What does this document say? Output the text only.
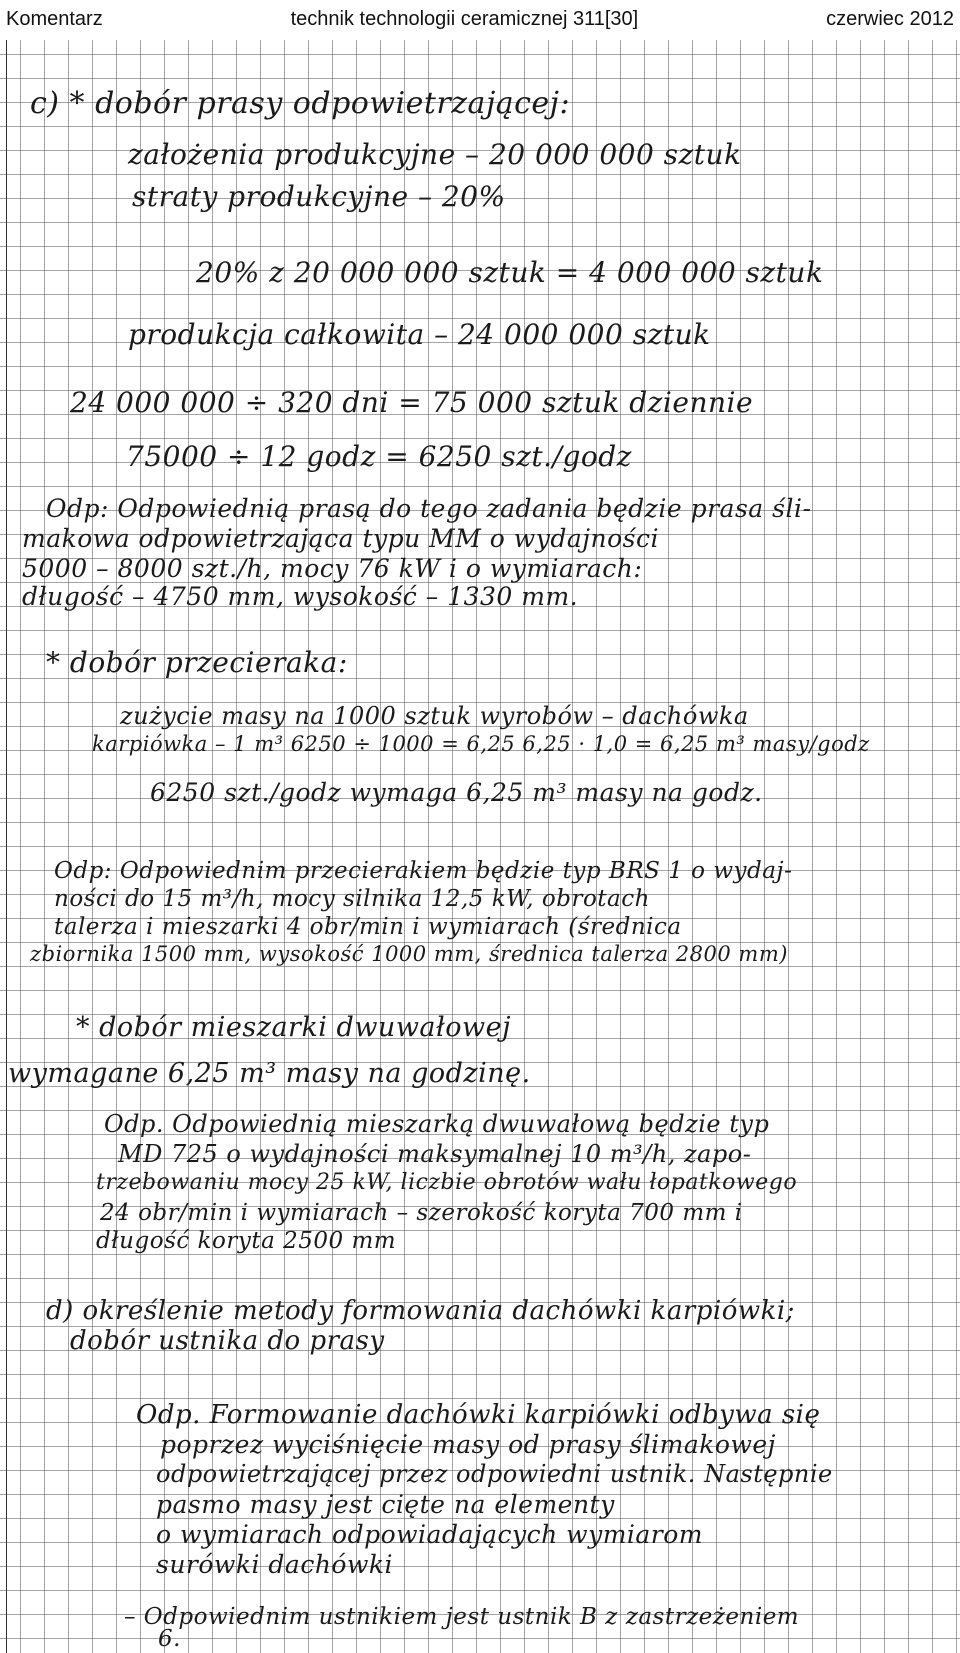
Komentarz	technik technologii ceramicznej 311[30]	czerwiec 2012
c) * dobór prasy odpowietrzającej:
założenia produkcyjne – 20 000 000 sztuk
straty produkcyjne – 20%
20% z 20 000 000 sztuk = 4 000 000 sztuk
produkcja całkowita – 24 000 000 sztuk
24 000 000 ÷ 320 dni = 75 000 sztuk dziennie
75000 ÷ 12 godz = 6250 szt./godz
Odp: Odpowiednią prasą do tego zadania będzie prasa śli-
makowa odpowietrzająca typu MM o wydajności
5000 – 8000 szt./h, mocy 76 kW i o wymiarach:
długość – 4750 mm, wysokość – 1330 mm.
* dobór przecieraka:
zużycie masy na 1000 sztuk wyrobów – dachówka
karpiówka – 1 m³ 6250 ÷ 1000 = 6,25 6,25 · 1,0 = 6,25 m³ masy/godz
6250 szt./godz wymaga 6,25 m³ masy na godz.
Odp: Odpowiednim przecierakiem będzie typ BRS 1 o wydaj-
ności do 15 m³/h, mocy silnika 12,5 kW, obrotach
talerza i mieszarki 4 obr/min i wymiarach (średnica
zbiornika 1500 mm, wysokość 1000 mm, średnica talerza 2800 mm)
* dobór mieszarki dwuwałowej
wymagane 6,25 m³ masy na godzinę.
Odp. Odpowiednią mieszarką dwuwałową będzie typ
MD 725 o wydajności maksymalnej 10 m³/h, zapo-
trzebowaniu mocy 25 kW, liczbie obrotów wału łopatkowego
24 obr/min i wymiarach – szerokość koryta 700 mm i
długość koryta 2500 mm
d) określenie metody formowania dachówki karpiówki;
dobór ustnika do prasy
Odp. Formowanie dachówki karpiówki odbywa się
poprzez wyciśnięcie masy od prasy ślimakowej
odpowietrzającej przez odpowiedni ustnik. Następnie
pasmo masy jest cięte na elementy
o wymiarach odpowiadających wymiarom
surówki dachówki
– Odpowiednim ustnikiem jest ustnik B z zastrzeżeniem
6.
